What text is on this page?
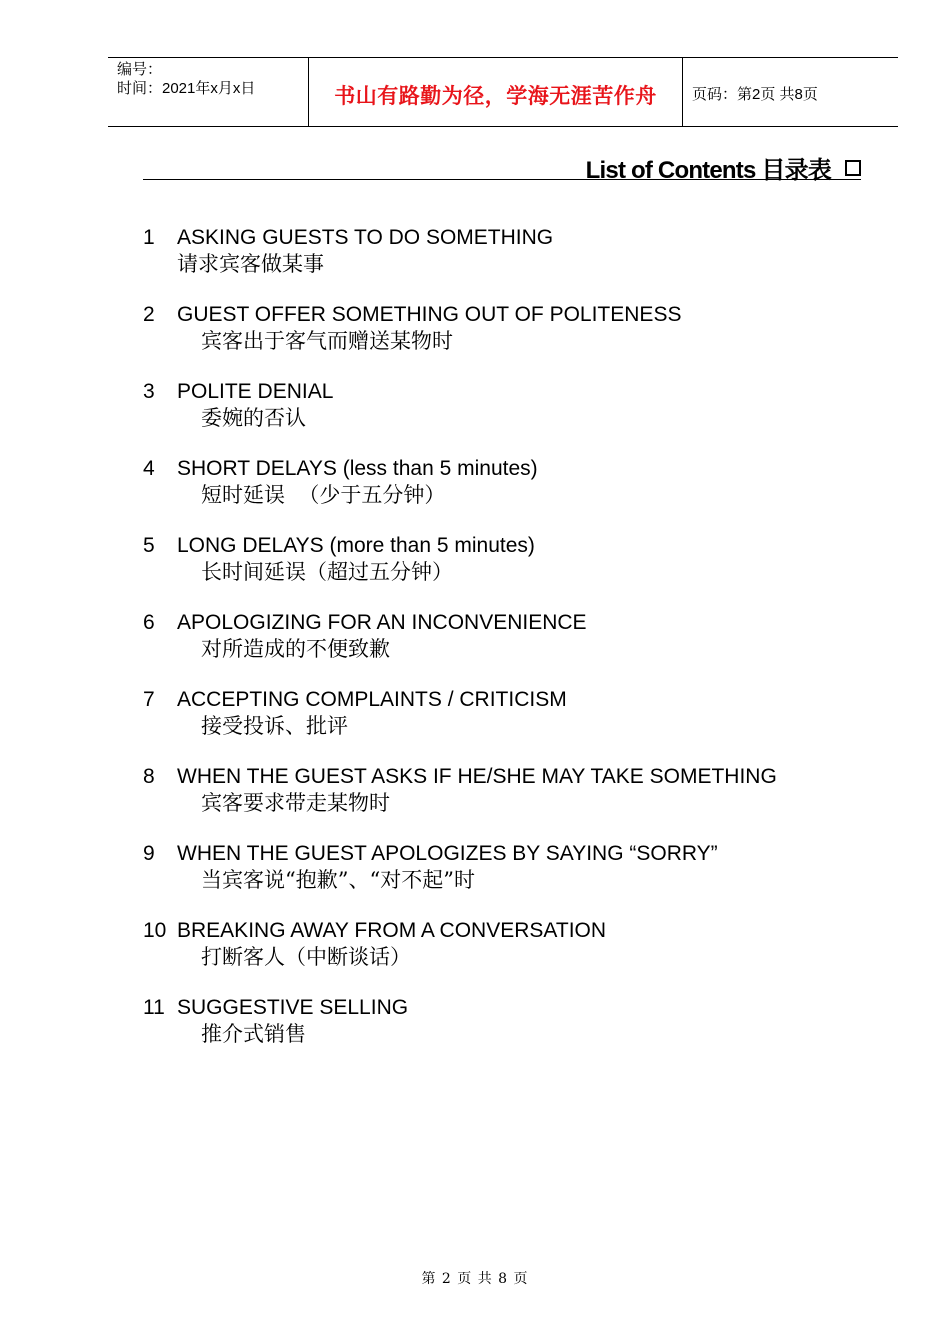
编号：
时间：2021年x月x日	书山有路勤为径，学海无涯苦作舟	页码：第2页 共8页
List of Contents 目录表
1 ASKING GUESTS TO DO SOMETHING
请求宾客做某事
2 GUEST OFFER SOMETHING OUT OF POLITENESS
宾客出于客气而赠送某物时
3 POLITE DENIAL
委婉的否认
4 SHORT DELAYS (less than 5 minutes)
短时延误  （少于五分钟）
5 LONG DELAYS (more than 5 minutes)
长时间延误（超过五分钟）
6 APOLOGIZING FOR AN INCONVENIENCE
对所造成的不便致歉
7 ACCEPTING COMPLAINTS / CRITICISM
接受投诉、批评
8 WHEN THE GUEST ASKS IF HE/SHE MAY TAKE SOMETHING
宾客要求带走某物时
9 WHEN THE GUEST APOLOGIZES BY SAYING “SORRY”
当宾客说“抱歉”、“对不起”时
10 BREAKING AWAY FROM A CONVERSATION
打断客人（中断谈话）
11 SUGGESTIVE SELLING
推介式销售
第 2 页 共 8 页
